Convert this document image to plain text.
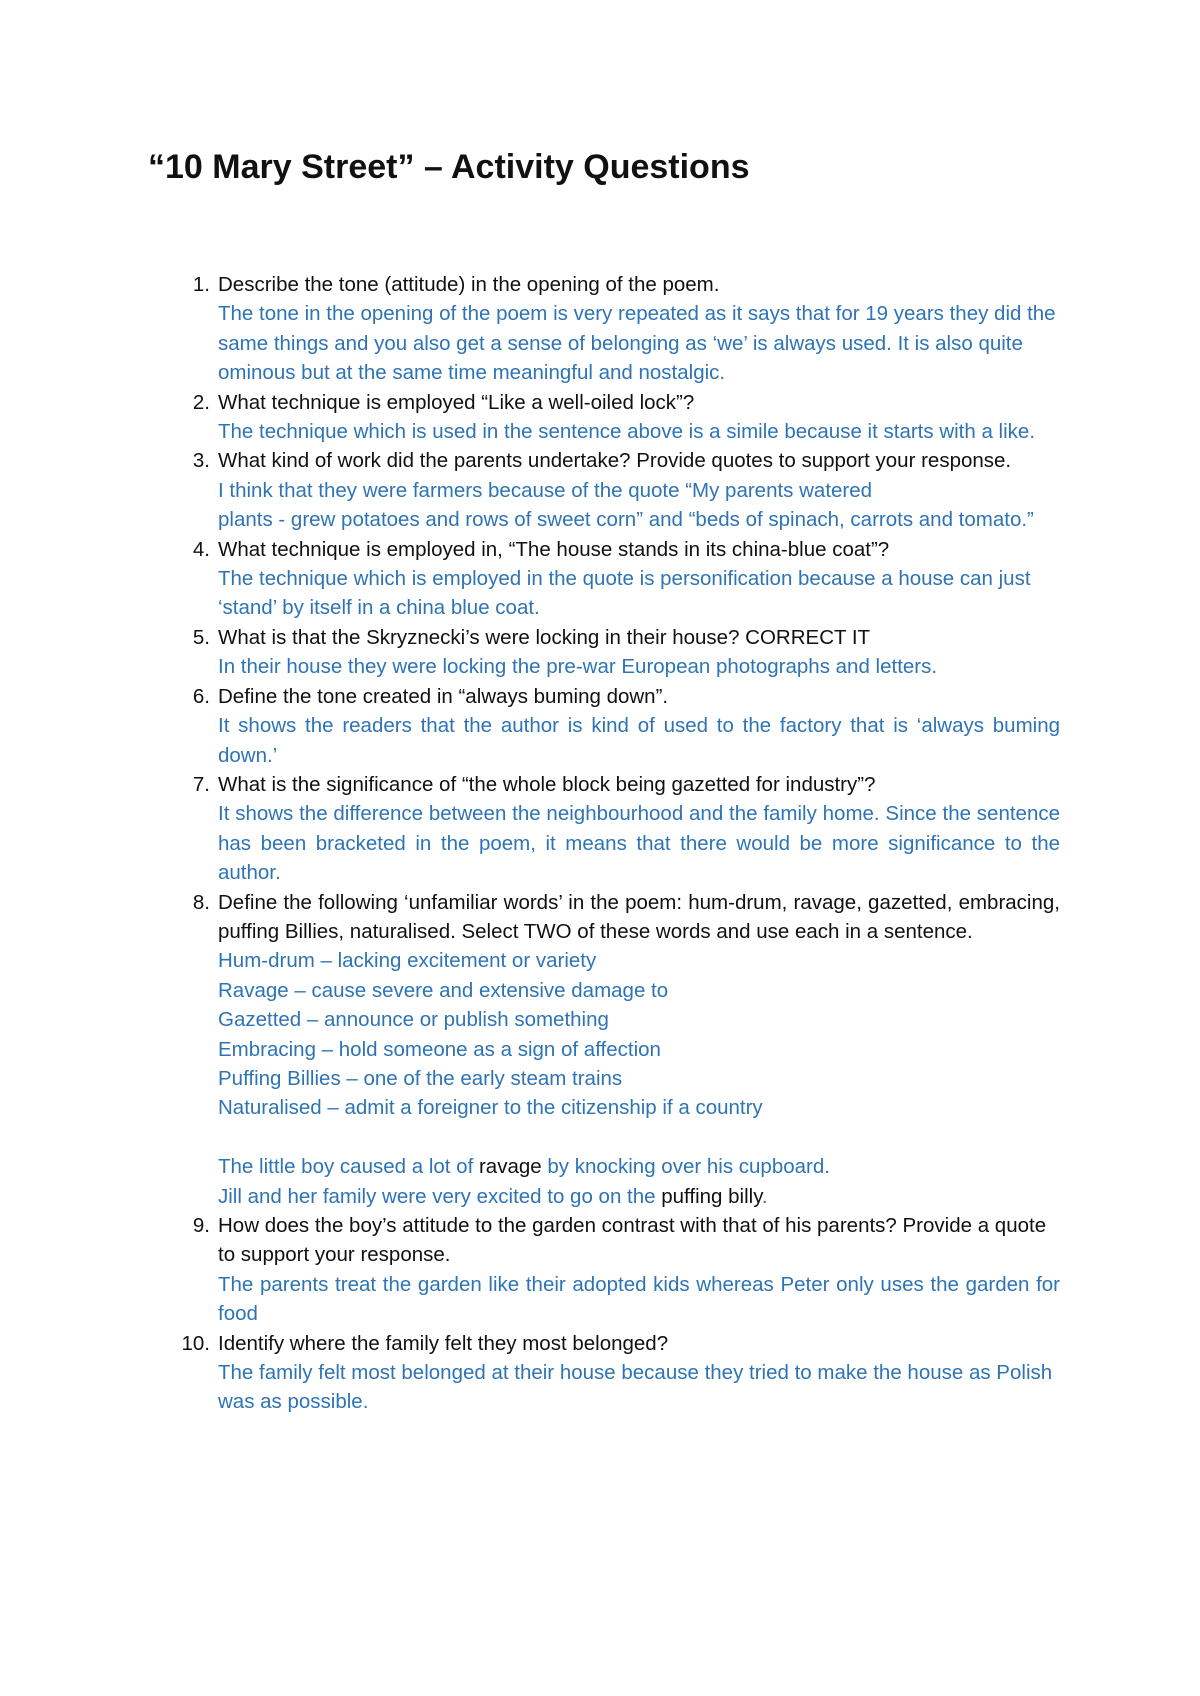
“10 Mary Street” – Activity Questions
1. Describe the tone (attitude) in the opening of the poem.
The tone in the opening of the poem is very repeated as it says that for 19 years they did the same things and you also get a sense of belonging as ‘we’ is always used. It is also quite ominous but at the same time meaningful and nostalgic.
2. What technique is employed “Like a well-oiled lock”?
The technique which is used in the sentence above is a simile because it starts with a like.
3. What kind of work did the parents undertake? Provide quotes to support your response.
I think that they were farmers because of the quote “My parents watered
plants - grew potatoes and rows of sweet corn” and “beds of spinach, carrots and tomato.”
4. What technique is employed in, “The house stands in its china-blue coat”?
The technique which is employed in the quote is personification because a house can just ‘stand’ by itself in a china blue coat.
5. What is that the Skryznecki’s were locking in their house? CORRECT IT
In their house they were locking the pre-war European photographs and letters.
6. Define the tone created in “always buming down”.
It shows the readers that the author is kind of used to the factory that is ‘always buming down.’
7. What is the significance of “the whole block being gazetted for industry”?
It shows the difference between the neighbourhood and the family home. Since the sentence has been bracketed in the poem, it means that there would be more significance to the author.
8. Define the following ‘unfamiliar words’ in the poem: hum-drum, ravage, gazetted, embracing, puffing Billies, naturalised. Select TWO of these words and use each in a sentence.
Hum-drum – lacking excitement or variety
Ravage – cause severe and extensive damage to
Gazetted – announce or publish something
Embracing – hold someone as a sign of affection
Puffing Billies – one of the early steam trains
Naturalised – admit a foreigner to the citizenship if a country
The little boy caused a lot of ravage by knocking over his cupboard.
Jill and her family were very excited to go on the puffing billy.
9. How does the boy’s attitude to the garden contrast with that of his parents? Provide a quote to support your response.
The parents treat the garden like their adopted kids whereas Peter only uses the garden for food
10. Identify where the family felt they most belonged?
The family felt most belonged at their house because they tried to make the house as Polish was as possible.
